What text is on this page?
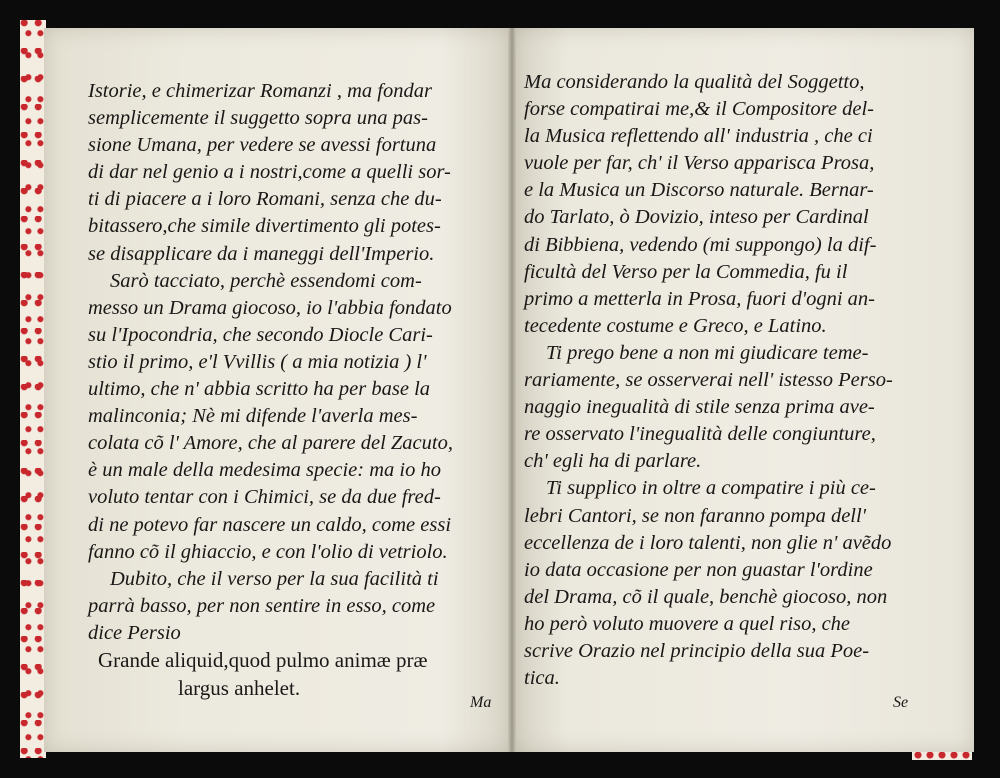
Istorie, e chimerizar Romanzi , ma fondar
semplicemente il suggetto sopra una pas-
sione Umana, per vedere se avessi fortuna
di dar nel genio a i nostri,come a quelli sor-
ti di piacere a i loro Romani, senza che du-
bitassero,che simile divertimento gli potes-
se disapplicare da i maneggi dell'Imperio.
Sarò tacciato, perchè essendomi com-
messo un Drama giocoso, io l'abbia fondato
su l'Ipocondria, che secondo Diocle Cari-
stio il primo, e'l Vvillis ( a mia notizia ) l'
ultimo, che n' abbia scritto ha per base la
malinconia; Nè mi difende l'averla mes-
colata cõ l' Amore, che al parere del Zacuto,
è un male della medesima specie: ma io ho
voluto tentar con i Chimici, se da due fred-
di ne potevo far nascere un caldo, come essi
fanno cõ il ghiaccio, e con l'olio di vetriolo.
Dubito, che il verso per la sua facilità ti
parrà basso, per non sentire in esso, come
dice Persio
Ma considerando la qualità del Soggetto,
forse compatirai me,& il Compositore del-
la Musica reflettendo all' industria , che ci
vuole per far, ch' il Verso apparisca Prosa,
e la Musica un Discorso naturale. Bernar-
do Tarlato, ò Dovizio, inteso per Cardinal
di Bibbiena, vedendo (mi suppongo) la dif-
ficultà del Verso per la Commedia, fu il
primo a metterla in Prosa, fuori d'ogni an-
tecedente costume e Greco, e Latino.
Ti prego bene a non mi giudicare teme-
rariamente, se osserverai nell' istesso Perso-
naggio inegualità di stile senza prima ave-
re osservato l'inegualità delle congiunture,
ch' egli ha di parlare.
Ti supplico in oltre a compatire i più ce-
lebri Cantori, se non faranno pompa dell'
eccellenza de i loro talenti, non glie n' avẽdo
io data occasione per non guastar l'ordine
del Drama, cõ il quale, benchè giocoso, non
ho però voluto muovere a quel riso, che
scrive Orazio nel principio della sua Poe-
tica.
Grande aliquid,quod pulmo animæ præ
largus anhelet.
Ma	Se
